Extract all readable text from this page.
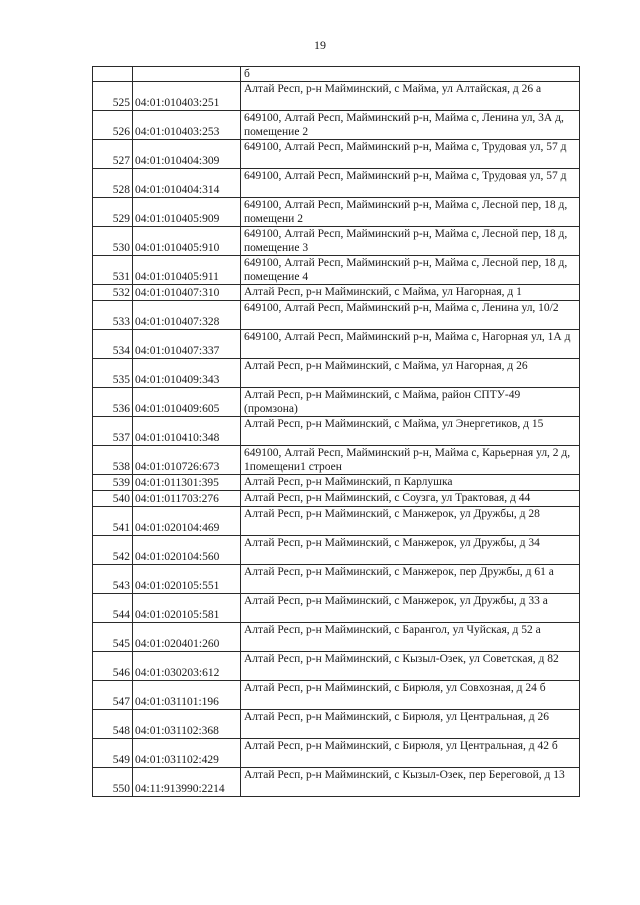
19
		б
525	04:01:010403:251	Алтай Респ, р-н Майминский, с Майма, ул Алтайская, д 26 а
526	04:01:010403:253	649100, Алтай Респ, Майминский р-н, Майма с, Ленина ул, 3А д, помещение 2
527	04:01:010404:309	649100, Алтай Респ, Майминский р-н, Майма с, Трудовая ул, 57 д
528	04:01:010404:314	649100, Алтай Респ, Майминский р-н, Майма с, Трудовая ул, 57 д
529	04:01:010405:909	649100, Алтай Респ, Майминский р-н, Майма с, Лесной пер, 18 д, помещени 2
530	04:01:010405:910	649100, Алтай Респ, Майминский р-н, Майма с, Лесной пер, 18 д, помещение 3
531	04:01:010405:911	649100, Алтай Респ, Майминский р-н, Майма с, Лесной пер, 18 д, помещение 4
532	04:01:010407:310	Алтай Респ, р-н Майминский, с Майма, ул Нагорная, д 1
533	04:01:010407:328	649100, Алтай Респ, Майминский р-н, Майма с, Ленина ул, 10/2
534	04:01:010407:337	649100, Алтай Респ, Майминский р-н, Майма с, Нагорная ул, 1А д
535	04:01:010409:343	Алтай Респ, р-н Майминский, с Майма, ул Нагорная, д 26
536	04:01:010409:605	Алтай Респ, р-н Майминский, с Майма, район СПТУ-49 (промзона)
537	04:01:010410:348	Алтай Респ, р-н Майминский, с Майма, ул Энергетиков, д 15
538	04:01:010726:673	649100, Алтай Респ, Майминский р-н, Майма с, Карьерная ул, 2 д, 1помещени1 строен
539	04:01:011301:395	Алтай Респ, р-н Майминский, п Карлушка
540	04:01:011703:276	Алтай Респ, р-н Майминский, с Соузга, ул Трактовая, д 44
541	04:01:020104:469	Алтай Респ, р-н Майминский, с Манжерок, ул Дружбы, д 28
542	04:01:020104:560	Алтай Респ, р-н Майминский, с Манжерок, ул Дружбы, д 34
543	04:01:020105:551	Алтай Респ, р-н Майминский, с Манжерок, пер Дружбы, д 61 а
544	04:01:020105:581	Алтай Респ, р-н Майминский, с Манжерок, ул Дружбы, д 33 а
545	04:01:020401:260	Алтай Респ, р-н Майминский, с Барангол, ул Чуйская, д 52 а
546	04:01:030203:612	Алтай Респ, р-н Майминский, с Кызыл-Озек, ул Советская, д 82
547	04:01:031101:196	Алтай Респ, р-н Майминский, с Бирюля, ул Совхозная, д 24 б
548	04:01:031102:368	Алтай Респ, р-н Майминский, с Бирюля, ул Центральная, д 26
549	04:01:031102:429	Алтай Респ, р-н Майминский, с Бирюля, ул Центральная, д 42 б
550	04:11:913990:2214	Алтай Респ, р-н Майминский, с Кызыл-Озек, пер Береговой, д 13
